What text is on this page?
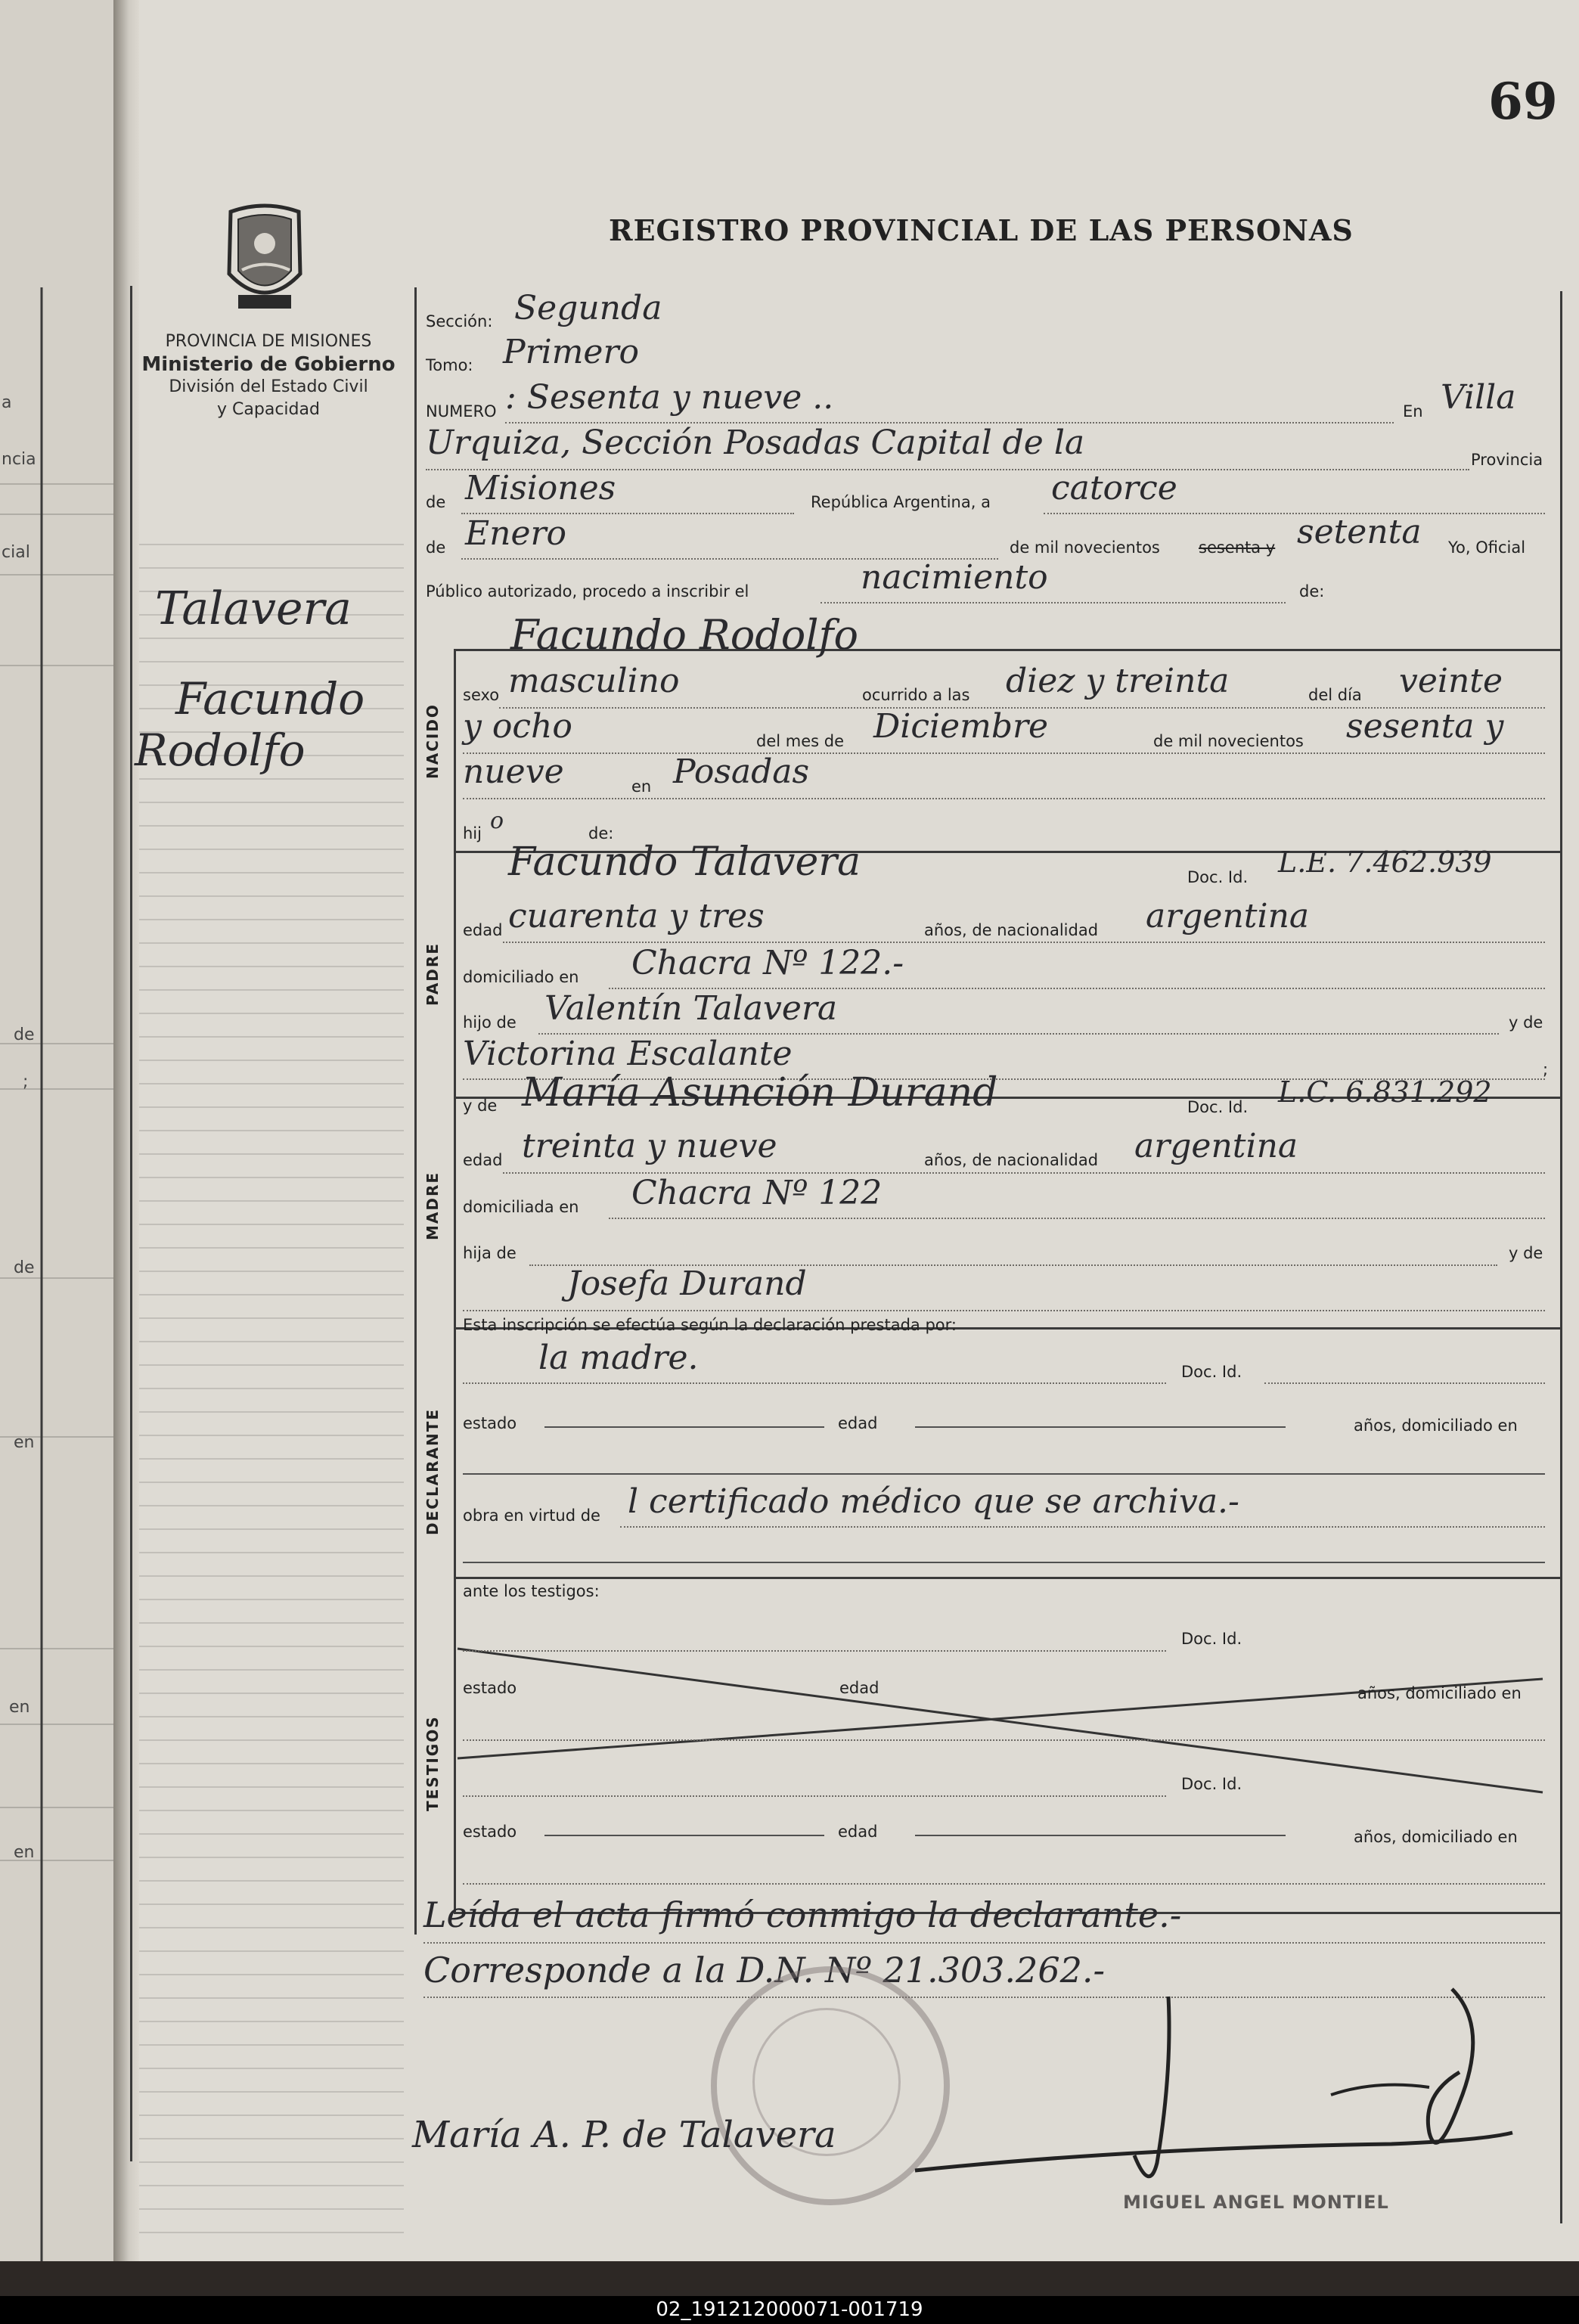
02_191212000071-001719
a
ncia
cial
de
;
de
en
en
en
69
REGISTRO PROVINCIAL DE LAS PERSONAS
PROVINCIA DE MISIONES
Ministerio de Gobierno
División del Estado Civil
y Capacidad
Talavera
Facundo
Rodolfo
Sección: Segunda
Tomo: Primero
NUMERO : Sesenta y nueve ..	En Villa
Urquiza, Sección Posadas Capital de la	Provincia
de Misiones	República Argentina, a catorce
de Enero	de mil novecientos sesenta y setenta Yo, Oficial
Público autorizado, procedo a inscribir el	nacimiento	de:
Facundo Rodolfo
NACIDO
sexo masculino	ocurrido a las diez y treinta	del día veinte
y ocho	del mes de Diciembre	de mil novecientos sesenta y
nueve	en Posadas
hij o	de:
PADRE
Facundo Talavera	Doc. Id. L.E. 7.462.939
edad cuarenta y tres	años, de nacionalidad argentina
domiciliado en Chacra Nº 122.-
hijo de Valentín Talavera	y de
Victorina Escalante	;
y de María Asunción Durand	Doc. Id. L.C. 6.831.292
MADRE
edad treinta y nueve	años, de nacionalidad argentina
domiciliada en Chacra Nº 122
hija de	y de
Josefa Durand
Esta inscripción se efectúa según la declaración prestada por:
la madre.	Doc. Id.
DECLARANTE estado	edad	años, domiciliado en
obra en virtud de l certificado médico que se archiva.-
ante los testigos:
TESTIGOS
Doc. Id.
estado	edad	años, domiciliado en
Doc. Id.
estado	edad	años, domiciliado en
Leída el acta firmó conmigo la declarante.-
Corresponde a la D.N. Nº 21.303.262.-
María A. P. de Talavera
MIGUEL ANGEL MONTIEL
